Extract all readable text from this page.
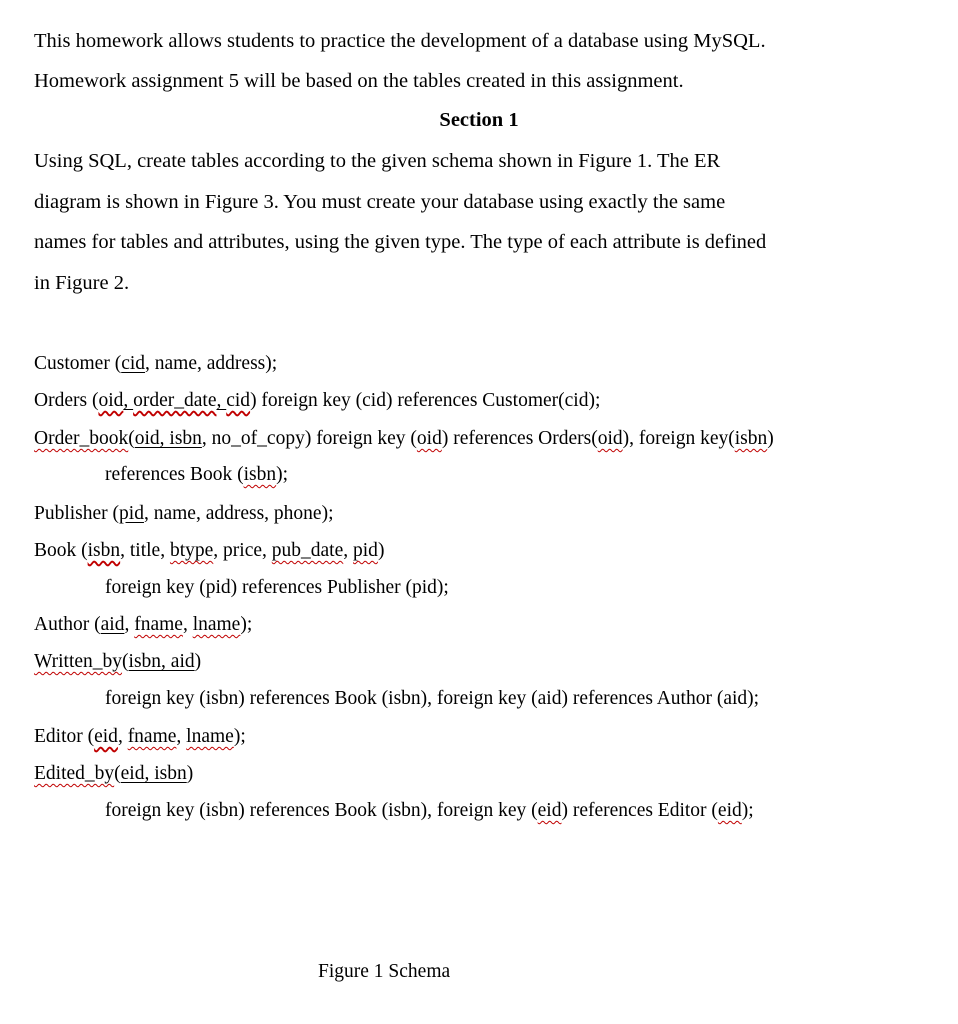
This homework allows students to practice the development of a database using MySQL.
Homework assignment 5 will be based on the tables created in this assignment.
Section 1
Using SQL, create tables according to the given schema shown in Figure 1. The ER
diagram is shown in Figure 3. You must create your database using exactly the same
names for tables and attributes, using the given type. The type of each attribute is defined
in Figure 2.
Customer (cid, name, address);
Orders (oid, order_date, cid) foreign key (cid) references Customer(cid);
Order_book(oid, isbn, no_of_copy) foreign key (oid) references Orders(oid), foreign key(isbn)
references Book (isbn);
Publisher (pid, name, address, phone);
Book (isbn, title, btype, price, pub_date, pid)
foreign key (pid) references Publisher (pid);
Author (aid, fname, lname);
Written_by(isbn, aid)
foreign key (isbn) references Book (isbn), foreign key (aid) references Author (aid);
Editor (eid, fname, lname);
Edited_by(eid, isbn)
foreign key (isbn) references Book (isbn), foreign key (eid) references Editor (eid);
Figure 1 Schema
